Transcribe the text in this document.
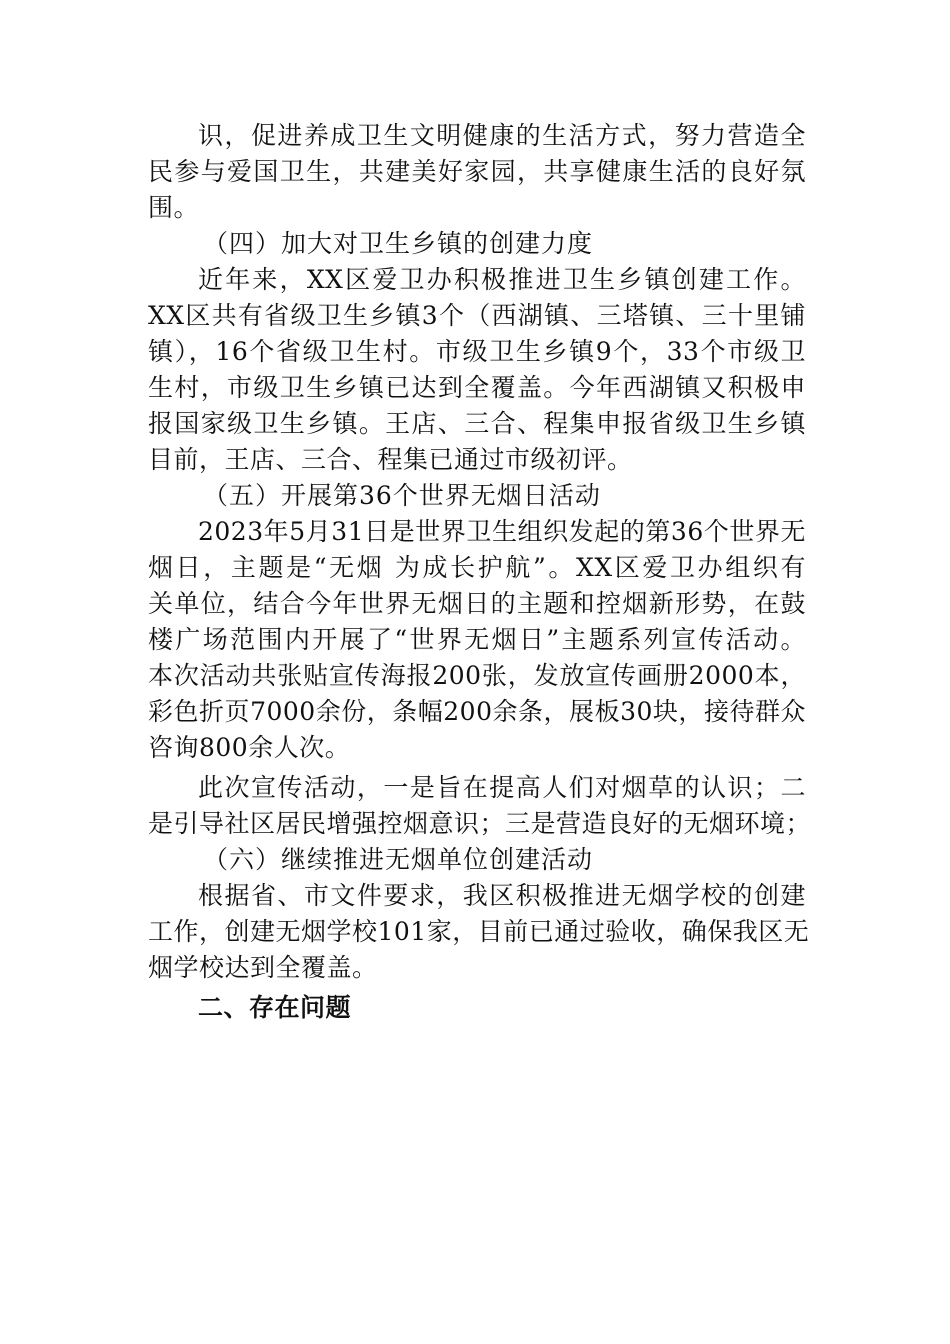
识，促进养成卫生文明健康的生活方式，努力营造全
民参与爱国卫生，共建美好家园，共享健康生活的良好氛
围。
（四）加大对卫生乡镇的创建力度
近年来，XX区爱卫办积极推进卫生乡镇创建工作。
XX区共有省级卫生乡镇3个（西湖镇、三塔镇、三十里铺
镇），16个省级卫生村。市级卫生乡镇9个，33个市级卫
生村，市级卫生乡镇已达到全覆盖。今年西湖镇又积极申
报国家级卫生乡镇。王店、三合、程集申报省级卫生乡镇
目前，王店、三合、程集已通过市级初评。
（五）开展第36个世界无烟日活动
2023年5月31日是世界卫生组织发起的第36个世界无
烟日，主题是“无烟 为成长护航”。XX区爱卫办组织有
关单位，结合今年世界无烟日的主题和控烟新形势，在鼓
楼广场范围内开展了“世界无烟日”主题系列宣传活动。
本次活动共张贴宣传海报200张，发放宣传画册2000本，
彩色折页7000余份，条幅200余条，展板30块，接待群众
咨询800余人次。
此次宣传活动，一是旨在提高人们对烟草的认识；二
是引导社区居民增强控烟意识；三是营造良好的无烟环境；
（六）继续推进无烟单位创建活动
根据省、市文件要求，我区积极推进无烟学校的创建
工作，创建无烟学校101家，目前已通过验收，确保我区无
烟学校达到全覆盖。
二、存在问题
